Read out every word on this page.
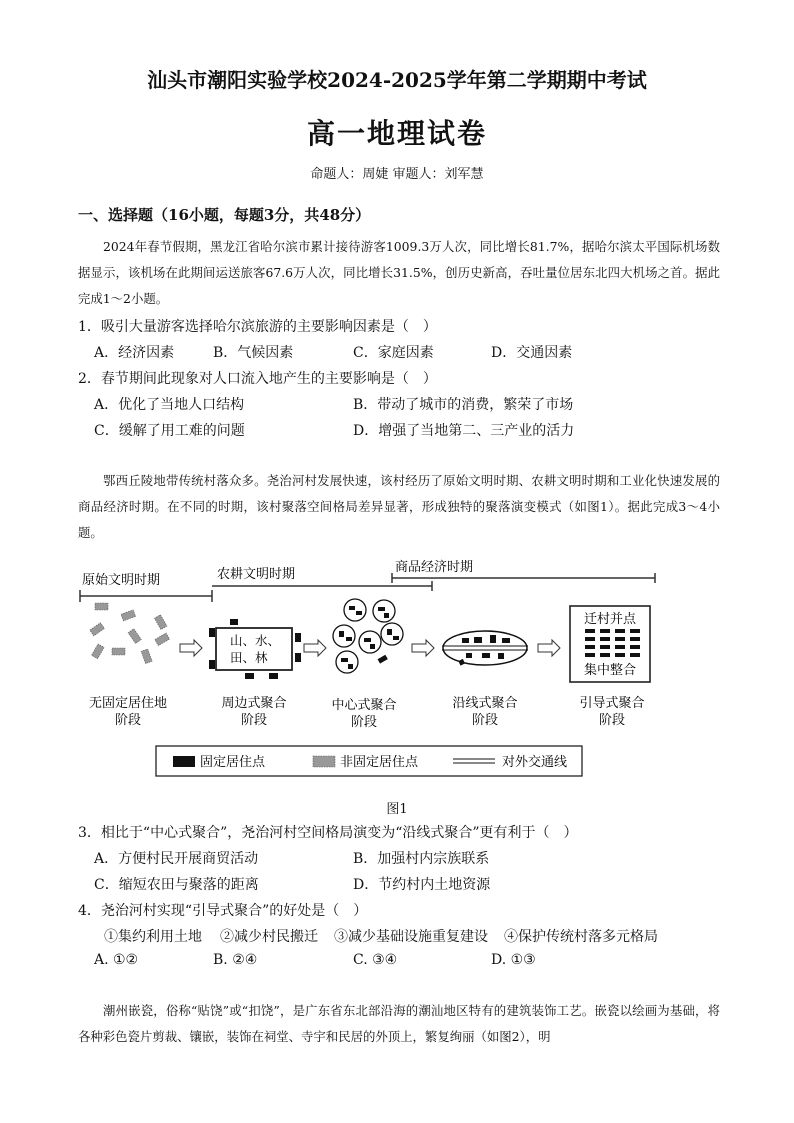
汕头市潮阳实验学校2024-2025学年第二学期期中考试
高一地理试卷
命题人：周婕 审题人：刘军慧
一、选择题（16小题，每题3分，共48分）
2024年春节假期，黑龙江省哈尔滨市累计接待游客1009.3万人次，同比增长81.7%，据哈尔滨太平国际机场数据显示，该机场在此期间运送旅客67.6万人次，同比增长31.5%，创历史新高，吞吐量位居东北四大机场之首。据此完成1～2小题。
1．吸引大量游客选择哈尔滨旅游的主要影响因素是（　）
A．经济因素	B．气候因素	C．家庭因素	D．交通因素
2．春节期间此现象对人口流入地产生的主要影响是（　）
A．优化了当地人口结构	B．带动了城市的消费，繁荣了市场
C．缓解了用工难的问题	D．增强了当地第二、三产业的活力
鄂西丘陵地带传统村落众多。尧治河村发展快速，该村经历了原始文明时期、农耕文明时期和工业化快速发展的商品经济时期。在不同的时期，该村聚落空间格局差异显著，形成独特的聚落演变模式（如图1）。据此完成3～4小题。
原始文明时期	农耕文明时期	商品经济时期
山、水、
田、林
迁村并点
集中整合
无固定居住地
阶段
周边式聚合
阶段
中心式聚合
阶段
沿线式聚合
阶段
引导式聚合
阶段
固定居住点	非固定居住点	对外交通线
图1
3．相比于“中心式聚合”，尧治河村空间格局演变为“沿线式聚合”更有利于（　）
A．方便村民开展商贸活动	B．加强村内宗族联系
C．缩短农田与聚落的距离	D．节约村内土地资源
4．尧治河村实现“引导式聚合”的好处是（　）
①集约利用土地 ②减少村民搬迁 ③减少基础设施重复建设 ④保护传统村落多元格局
A. ①②	B. ②④	C. ③④	D. ①③
潮州嵌瓷，俗称“贴饶”或“扣饶”，是广东省东北部沿海的潮汕地区特有的建筑装饰工艺。嵌瓷以绘画为基础，将各种彩色瓷片剪裁、镶嵌，装饰在祠堂、寺宇和民居的外顶上，繁复绚丽（如图2），明
